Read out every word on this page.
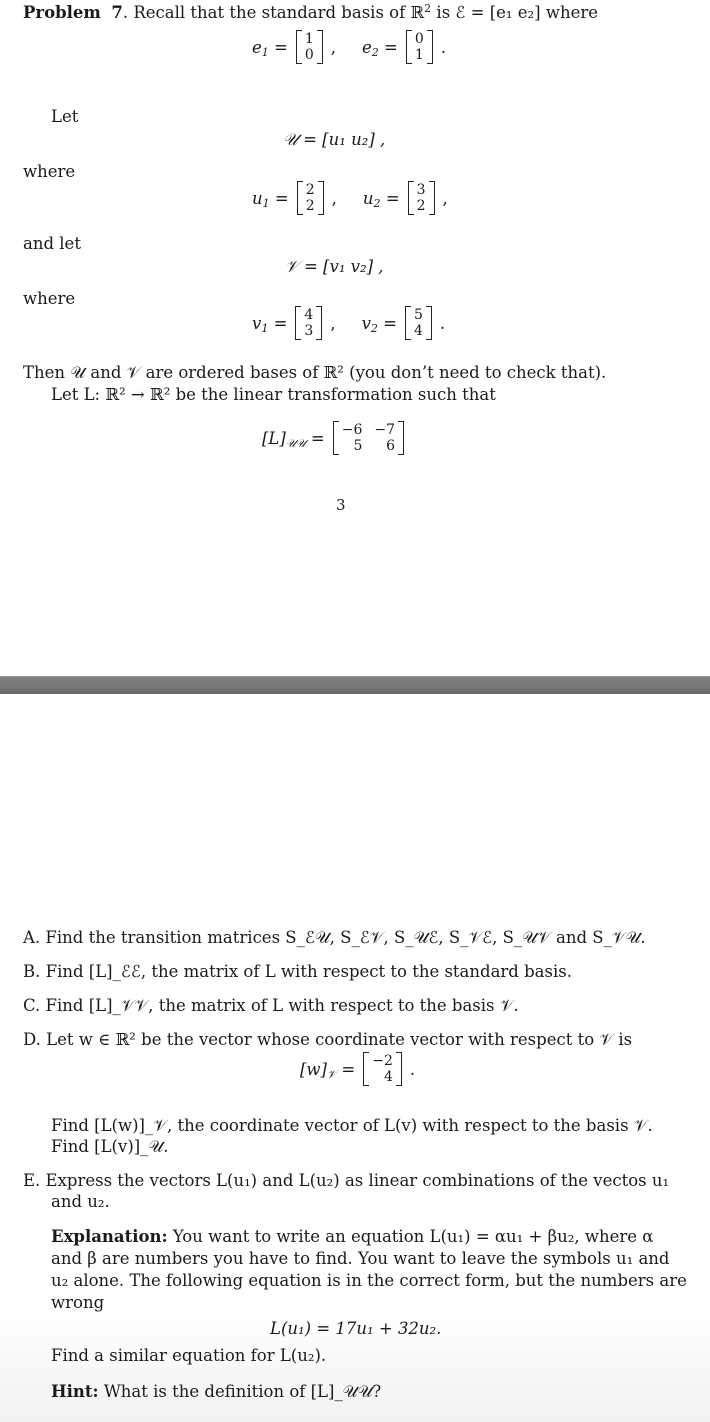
Problem 7. Recall that the standard basis of ℝ$^2$ is ℰ = [e₁ e₂] where
$e_1 = 1$
0 , $e_2 = 0$
1 .
Let
𝒰 = [u₁ u₂] ,
where
$u_1 = 2$
2 , $u_2 = 3$
2 ,
and let
𝒱 = [v₁ v₂] ,
where
$v_1 = 4$
3 , $v_2 = 5$
4 .
Then 𝒰 and 𝒱 are ordered bases of ℝ² (you don’t need to check that).
Let L: ℝ² → ℝ² be the linear transformation such that
$[L]_{𝒰𝒰} = -6 -7$
5	6
3
A. Find the transition matrices S_ℰ𝒰, S_ℰ𝒱, S_𝒰ℰ, S_𝒱ℰ, S_𝒰𝒱 and S_𝒱𝒰.
B. Find [L]_ℰℰ, the matrix of L with respect to the standard basis.
C. Find [L]_𝒱𝒱, the matrix of L with respect to the basis 𝒱.
D. Let w ∈ ℝ² be the vector whose coordinate vector with respect to 𝒱 is
$[w]_𝒱 = -2$
4 .
Find [L(w)]_𝒱, the coordinate vector of L(v) with respect to the basis 𝒱.
Find [L(v)]_𝒰.
E. Express the vectors L(u₁) and L(u₂) as linear combinations of the vectos u₁
and u₂.
Explanation: You want to write an equation L(u₁) = αu₁ + βu₂, where α
and β are numbers you have to find. You want to leave the symbols u₁ and
u₂ alone. The following equation is in the correct form, but the numbers are
wrong
L(u₁) = 17u₁ + 32u₂.
Find a similar equation for L(u₂).
Hint: What is the definition of [L]_𝒰𝒰?
